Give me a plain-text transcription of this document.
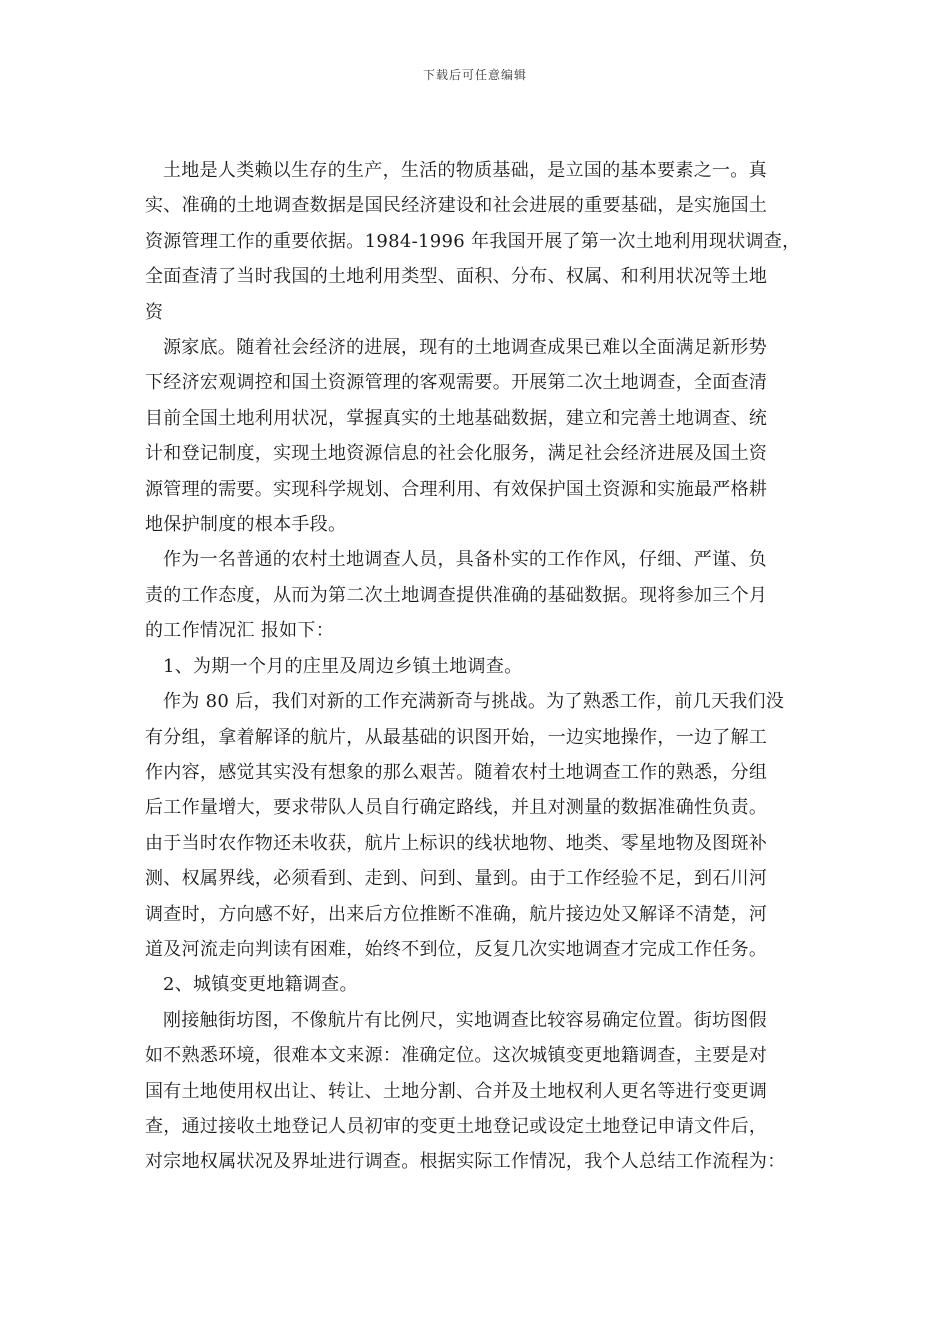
下载后可任意编辑

土地是人类赖以生存的生产，生活的物质基础，是立国的基本要素之一。真
实、准确的土地调查数据是国民经济建设和社会进展的重要基础，是实施国土
资源管理工作的重要依据。1984-1996 年我国开展了第一次土地利用现状调查，
全面查清了当时我国的土地利用类型、面积、分布、权属、和利用状况等土地
资

源家底。随着社会经济的进展，现有的土地调查成果已难以全面满足新形势
下经济宏观调控和国土资源管理的客观需要。开展第二次土地调查，全面查清
目前全国土地利用状况，掌握真实的土地基础数据，建立和完善土地调查、统
计和登记制度，实现土地资源信息的社会化服务，满足社会经济进展及国土资
源管理的需要。实现科学规划、合理利用、有效保护国土资源和实施最严格耕
地保护制度的根本手段。

作为一名普通的农村土地调查人员，具备朴实的工作作风，仔细、严谨、负
责的工作态度，从而为第二次土地调查提供准确的基础数据。现将参加三个月
的工作情况汇 报如下：

1、为期一个月的庄里及周边乡镇土地调查。

作为 80 后，我们对新的工作充满新奇与挑战。为了熟悉工作，前几天我们没
有分组，拿着解译的航片，从最基础的识图开始，一边实地操作，一边了解工
作内容，感觉其实没有想象的那么艰苦。随着农村土地调查工作的熟悉，分组
后工作量增大，要求带队人员自行确定路线，并且对测量的数据准确性负责。
由于当时农作物还未收获，航片上标识的线状地物、地类、零星地物及图斑补
测、权属界线，必须看到、走到、问到、量到。由于工作经验不足，到石川河
调查时，方向感不好，出来后方位推断不准确，航片接边处又解译不清楚，河
道及河流走向判读有困难，始终不到位，反复几次实地调查才完成工作任务。

2、城镇变更地籍调查。

刚接触街坊图，不像航片有比例尺，实地调查比较容易确定位置。街坊图假
如不熟悉环境，很难本文来源：准确定位。这次城镇变更地籍调查，主要是对
国有土地使用权出让、转让、土地分割、合并及土地权利人更名等进行变更调
查，通过接收土地登记人员初审的变更土地登记或设定土地登记申请文件后，
对宗地权属状况及界址进行调查。根据实际工作情况，我个人总结工作流程为：
